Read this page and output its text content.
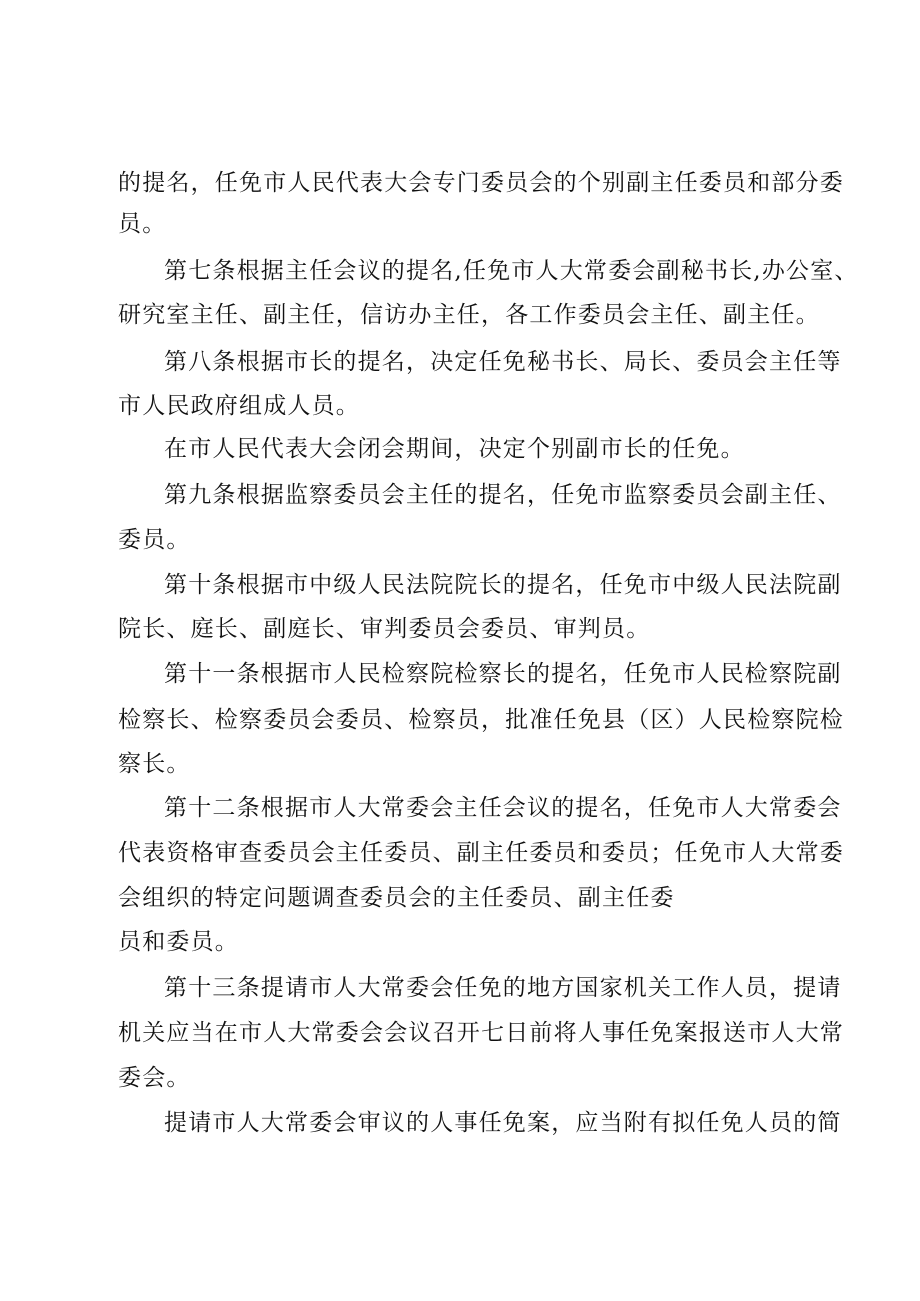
的提名，任免市人民代表大会专门委员会的个别副主任委员和部分委
员。
第七条根据主任会议的提名,任免市人大常委会副秘书长,办公室、
研究室主任、副主任，信访办主任，各工作委员会主任、副主任。
第八条根据市长的提名，决定任免秘书长、局长、委员会主任等
市人民政府组成人员。
在市人民代表大会闭会期间，决定个别副市长的任免。
第九条根据监察委员会主任的提名，任免市监察委员会副主任、
委员。
第十条根据市中级人民法院院长的提名，任免市中级人民法院副
院长、庭长、副庭长、审判委员会委员、审判员。
第十一条根据市人民检察院检察长的提名，任免市人民检察院副
检察长、检察委员会委员、检察员，批准任免县（区）人民检察院检
察长。
第十二条根据市人大常委会主任会议的提名，任免市人大常委会
代表资格审查委员会主任委员、副主任委员和委员；任免市人大常委
会组织的特定问题调查委员会的主任委员、副主任委
员和委员。
第十三条提请市人大常委会任免的地方国家机关工作人员，提请
机关应当在市人大常委会会议召开七日前将人事任免案报送市人大常
委会。
提请市人大常委会审议的人事任免案，应当附有拟任免人员的简
